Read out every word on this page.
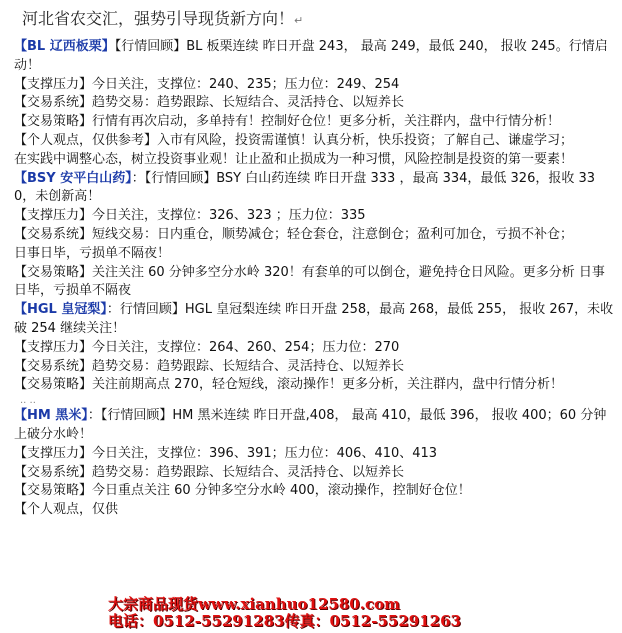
河北省农交汇，强势引导现货新方向！↵

【BL 辽西板栗】【行情回顾】BL 板栗连续 昨日开盘 243， 最高 249，最低 240， 报收 245。行情启动！

【支撑压力】今日关注，支撑位：240、235；压力位：249、254

【交易系统】趋势交易：趋势跟踪、长短结合、灵活持仓、以短养长

【交易策略】行情有再次启动，多单持有！控制好仓位！更多分析，关注群内，盘中行情分析！

【个人观点，仅供参考】入市有风险，投资需谨慎！认真分析，快乐投资；了解自己、谦虚学习；

在实践中调整心态，树立投资事业观！让止盈和止损成为一种习惯，风险控制是投资的第一要素！

【BSY 安平白山药】：【行情回顾】BSY 白山药连续 昨日开盘 333 ，最高 334，最低 326，报收 330，未创新高！

【支撑压力】今日关注，支撑位：326、323 ；压力位：335

【交易系统】短线交易：日内重仓，顺势减仓；轻仓套仓，注意倒仓；盈利可加仓，亏损不补仓；

日事日毕，亏损单不隔夜！

【交易策略】关注关注 60 分钟多空分水岭 320！有套单的可以倒仓，避免持仓日风险。更多分析 日事日毕，亏损单不隔夜

【HGL 皇冠梨】：行情回顾】HGL 皇冠梨连续 昨日开盘 258，最高 268，最低 255， 报收 267，未收破 254 继续关注！

【支撑压力】今日关注，支撑位：264、260、254；压力位：270

【交易系统】趋势交易：趋势跟踪、长短结合、灵活持仓、以短养长

【交易策略】关注前期高点 270，轻仓短线，滚动操作！更多分析，关注群内，盘中行情分析！

.. ..

【HM 黑米】：【行情回顾】HM 黑米连续 昨日开盘,408， 最高 410，最低 396， 报收 400；60 分钟上破分水岭！

【支撑压力】今日关注，支撑位：396、391；压力位：406、410、413

【交易系统】趋势交易：趋势跟踪、长短结合、灵活持仓、以短养长

【交易策略】今日重点关注 60 分钟多空分水岭 400，滚动操作，控制好仓位！

【个人观点，仅供

大宗商品现货www.xianhuo12580.com
电话：0512-55291283传真：0512-55291263
